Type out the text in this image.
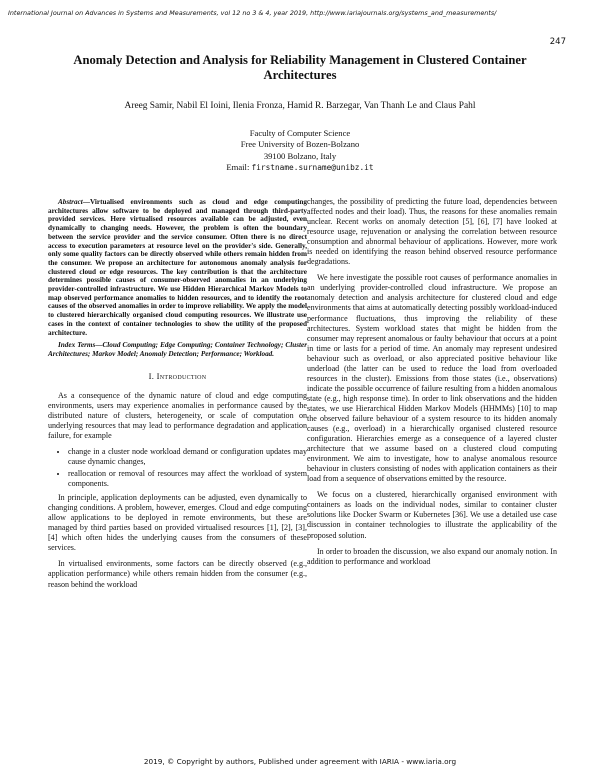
International Journal on Advances in Systems and Measurements, vol 12 no 3 & 4, year 2019, http://www.iariajournals.org/systems_and_measurements/
247
Anomaly Detection and Analysis for Reliability Management in Clustered Container Architectures
Areeg Samir, Nabil El Ioini, Ilenia Fronza, Hamid R. Barzegar, Van Thanh Le and Claus Pahl
Faculty of Computer Science
Free University of Bozen-Bolzano
39100 Bolzano, Italy
Email: firstname.surname@unibz.it

Abstract—Virtualised environments such as cloud and edge computing architectures allow software to be deployed and managed through third-party provided services. Here virtualised resources available can be adjusted, even dynamically to changing needs. However, the problem is often the boundary between the service provider and the service consumer. Often there is no direct access to execution parameters at resource level on the provider's side. Generally, only some quality factors can be directly observed while others remain hidden from the consumer. We propose an architecture for autonomous anomaly analysis for clustered cloud or edge resources. The key contribution is that the architecture determines possible causes of consumer-observed anomalies in an underlying provider-controlled infrastructure. We use Hidden Hierarchical Markov Models to map observed performance anomalies to hidden resources, and to identify the root causes of the observed anomalies in order to improve reliability. We apply the model to clustered hierarchically organised cloud computing resources. We illustrate use cases in the context of container technologies to show the utility of the proposed architecture.

Index Terms—Cloud Computing; Edge Computing; Container Technology; Cluster Architectures; Markov Model; Anomaly Detection; Performance; Workload.

I. Introduction

As a consequence of the dynamic nature of cloud and edge computing environments, users may experience anomalies in performance caused by the distributed nature of clusters, heterogeneity, or scale of computation on underlying resources that may lead to performance degradation and application failure, for example

• change in a cluster node workload demand or configuration updates may cause dynamic changes,
• reallocation or removal of resources may affect the workload of system components.

In principle, application deployments can be adjusted, even dynamically to changing conditions. A problem, however, emerges. Cloud and edge computing allow applications to be deployed in remote environments, but these are managed by third parties based on provided virtualised resources [1], [2], [3], [4] which often hides the underlying causes from the consumers of these services.

In virtualised environments, some factors can be directly observed (e.g., application performance) while others remain hidden from the consumer (e.g., reason behind the workload

changes, the possibility of predicting the future load, dependencies between affected nodes and their load). Thus, the reasons for these anomalies remain unclear. Recent works on anomaly detection [5], [6], [7] have looked at resource usage, rejuvenation or analysing the correlation between resource consumption and abnormal behaviour of applications. However, more work is needed on identifying the reason behind observed resource performance degradations.

We here investigate the possible root causes of performance anomalies in an underlying provider-controlled cloud infrastructure. We propose an anomaly detection and analysis architecture for clustered cloud and edge environments that aims at automatically detecting possibly workload-induced performance fluctuations, thus improving the reliability of these architectures. System workload states that might be hidden from the consumer may represent anomalous or faulty behaviour that occurs at a point in time or lasts for a period of time. An anomaly may represent undesired behaviour such as overload, or also appreciated positive behaviour like underload (the latter can be used to reduce the load from overloaded resources in the cluster). Emissions from those states (i.e., observations) indicate the possible occurrence of failure resulting from a hidden anomalous state (e.g., high response time). In order to link observations and the hidden states, we use Hierarchical Hidden Markov Models (HHMMs) [10] to map the observed failure behaviour of a system resource to its hidden anomaly causes (e.g., overload) in a hierarchically organised clustered resource configuration. Hierarchies emerge as a consequence of a layered cluster architecture that we assume based on a clustered cloud computing environment. We aim to investigate, how to analyse anomalous resource behaviour in clusters consisting of nodes with application containers as their load from a sequence of observations emitted by the resource.

We focus on a clustered, hierarchically organised environment with containers as loads on the individual nodes, similar to container cluster solutions like Docker Swarm or Kubernetes [36]. We use a detailed use case discussion in container technologies to illustrate the applicability of the proposed solution.

In order to broaden the discussion, we also expand our anomaly notion. In addition to performance and workload

2019, © Copyright by authors, Published under agreement with IARIA - www.iaria.org
